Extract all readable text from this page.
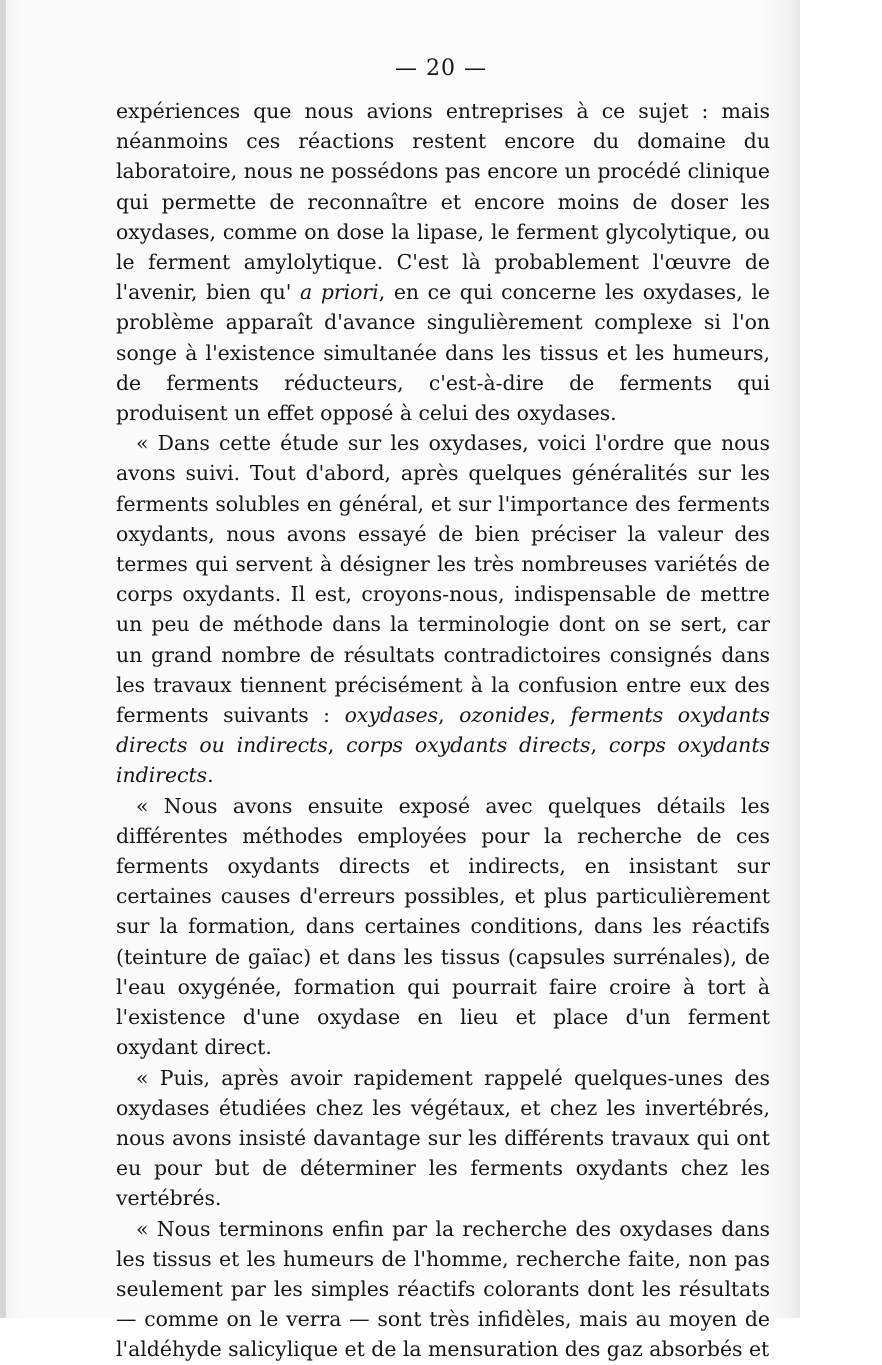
— 20 —

expériences que nous avions entreprises à ce sujet : mais néanmoins ces réactions restent encore du domaine du laboratoire, nous ne possédons pas encore un procédé clinique qui permette de reconnaître et encore moins de doser les oxydases, comme on dose la lipase, le ferment glycolytique, ou le ferment amylolytique. C'est là probablement l'œuvre de l'avenir, bien qu' a priori, en ce qui concerne les oxydases, le problème apparaît d'avance singulièrement complexe si l'on songe à l'existence simultanée dans les tissus et les humeurs, de ferments réducteurs, c'est-à-dire de ferments qui produisent un effet opposé à celui des oxydases.

« Dans cette étude sur les oxydases, voici l'ordre que nous avons suivi. Tout d'abord, après quelques généralités sur les ferments solubles en général, et sur l'importance des ferments oxydants, nous avons essayé de bien préciser la valeur des termes qui servent à désigner les très nombreuses variétés de corps oxydants. Il est, croyons-nous, indispensable de mettre un peu de méthode dans la terminologie dont on se sert, car un grand nombre de résultats contradictoires consignés dans les travaux tiennent précisément à la confusion entre eux des ferments suivants : oxydases, ozonides, ferments oxydants directs ou indirects, corps oxydants directs, corps oxydants indirects.

« Nous avons ensuite exposé avec quelques détails les différentes méthodes employées pour la recherche de ces ferments oxydants directs et indirects, en insistant sur certaines causes d'erreurs possibles, et plus particulièrement sur la formation, dans certaines conditions, dans les réactifs (teinture de gaïac) et dans les tissus (capsules surrénales), de l'eau oxygénée, formation qui pourrait faire croire à tort à l'existence d'une oxydase en lieu et place d'un ferment oxydant direct.

« Puis, après avoir rapidement rappelé quelques-unes des oxydases étudiées chez les végétaux, et chez les invertébrés, nous avons insisté davantage sur les différents travaux qui ont eu pour but de déterminer les ferments oxydants chez les vertébrés.

« Nous terminons enfin par la recherche des oxydases dans les tissus et les humeurs de l'homme, recherche faite, non pas seulement par les simples réactifs colorants dont les résultats — comme on le verra — sont très infidèles, mais au moyen de l'aldéhyde salicylique et de la mensuration des gaz absorbés et
